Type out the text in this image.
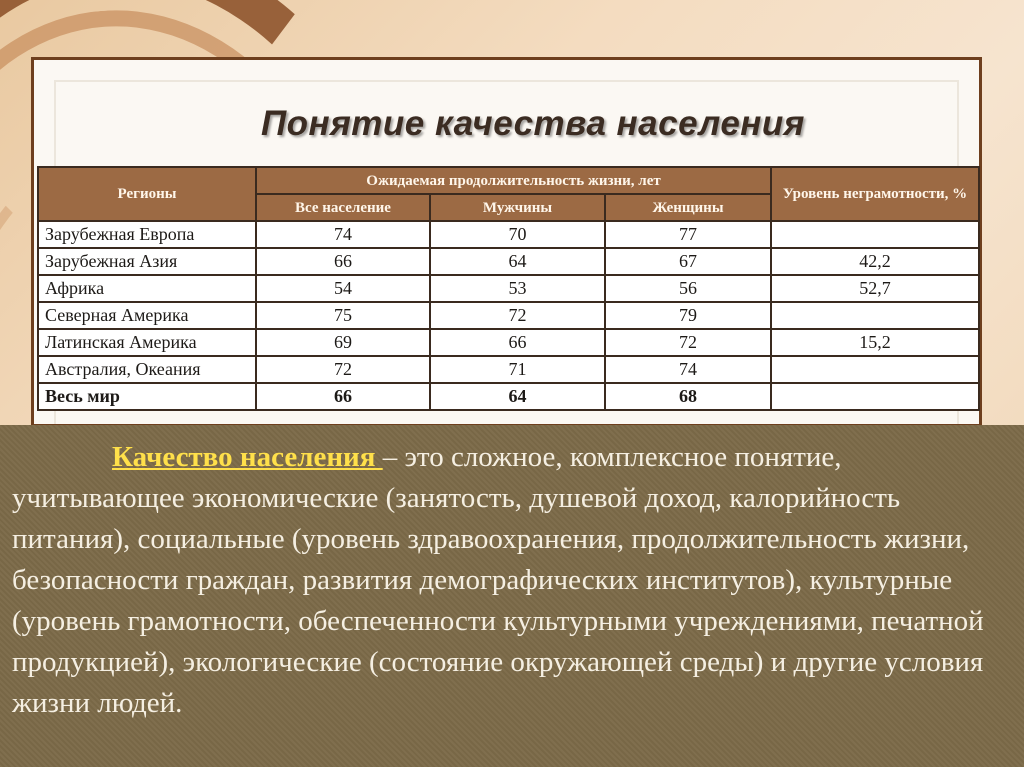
Понятие качества населения
Регионы	Ожидаемая продолжительность жизни, лет			Уровень неграмотности, %
	Все население	Мужчины	Женщины	
Зарубежная Европа	74	70	77	
Зарубежная Азия	66	64	67	42,2
Африка	54	53	56	52,7
Северная Америка	75	72	79	
Латинская Америка	69	66	72	15,2
Австралия, Океания	72	71	74	
Весь мир	66	64	68	

Качество населения – это сложное, комплексное понятие, учитывающее экономические (занятость, душевой доход, калорийность питания), социальные (уровень здравоохранения, продолжительность жизни, безопасности граждан, развития демографических институтов), культурные (уровень грамотности, обеспеченности культурными учреждениями, печатной продукцией), экологические (состояние окружающей среды) и другие условия жизни людей.
